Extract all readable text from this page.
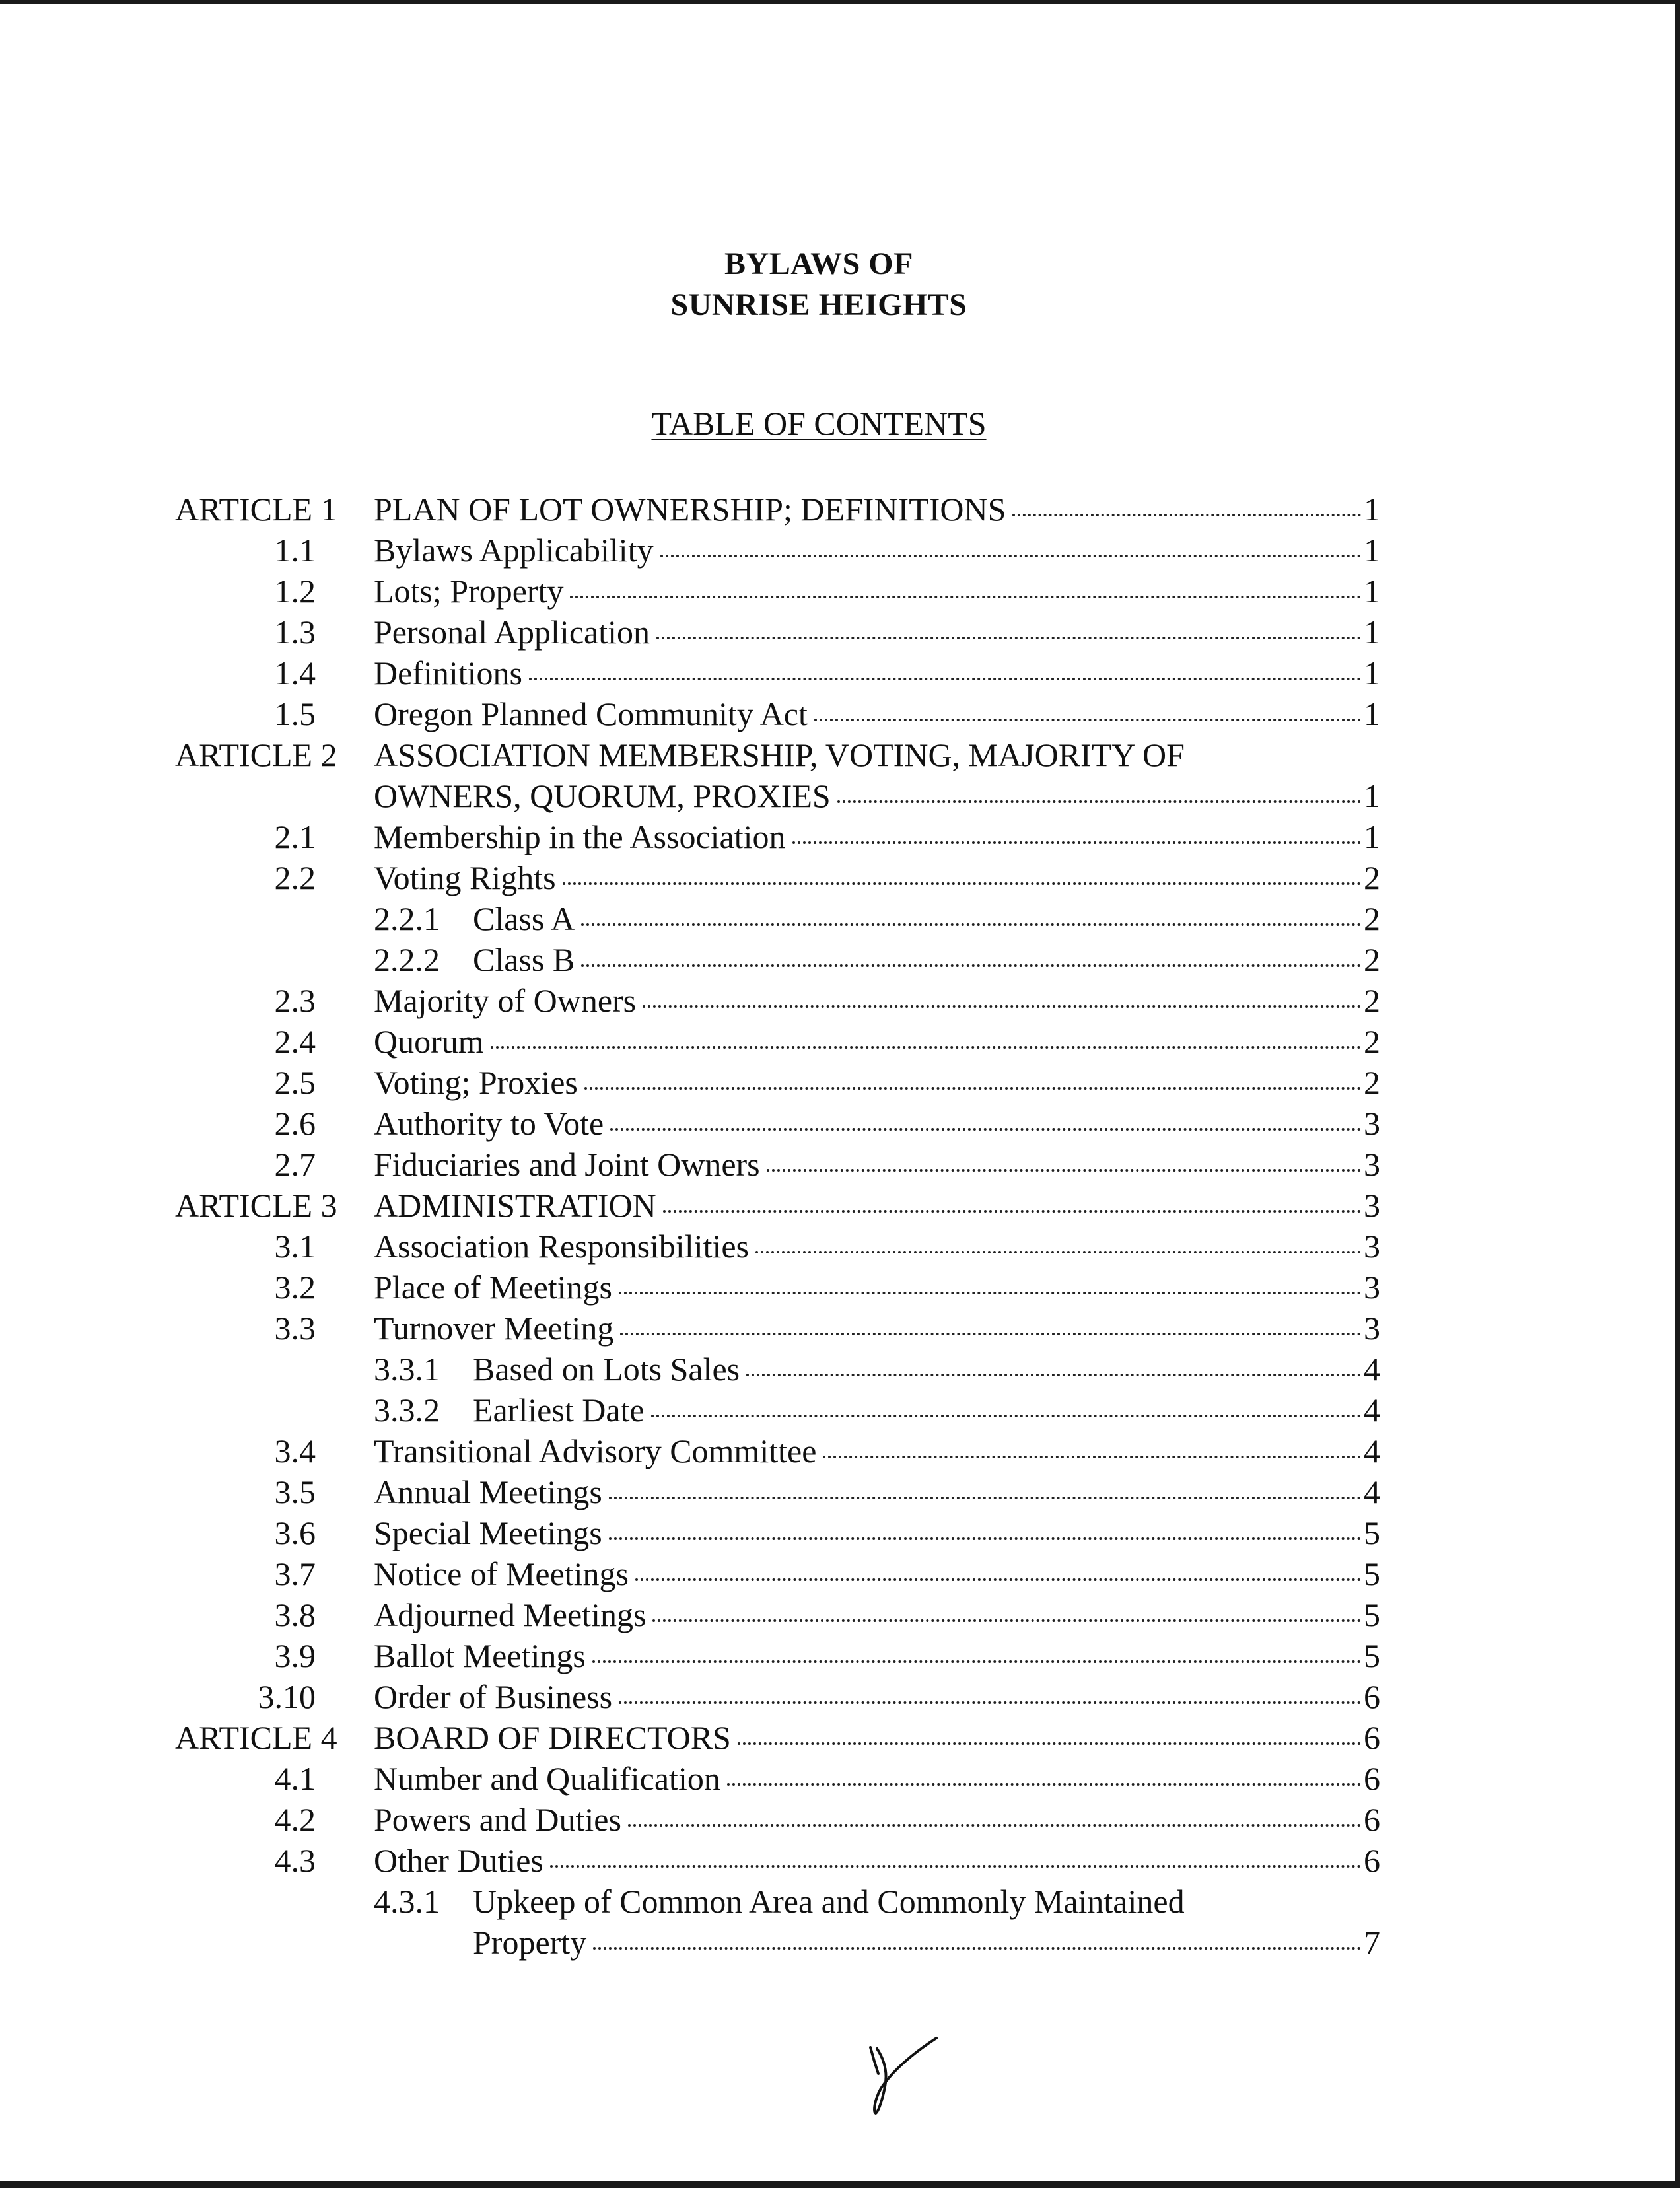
BYLAWS OF
SUNRISE HEIGHTS
TABLE OF CONTENTS
ARTICLE 1 PLAN OF LOT OWNERSHIP; DEFINITIONS	1
1.1 Bylaws Applicability	1
1.2 Lots; Property	1
1.3 Personal Application	1
1.4 Definitions	1
1.5 Oregon Planned Community Act	1
ARTICLE 2 ASSOCIATION MEMBERSHIP, VOTING, MAJORITY OF
OWNERS, QUORUM, PROXIES	1
2.1 Membership in the Association	1
2.2 Voting Rights	2
2.2.1 Class A	2
2.2.2 Class B	2
2.3 Majority of Owners	2
2.4 Quorum	2
2.5 Voting; Proxies	2
2.6 Authority to Vote	3
2.7 Fiduciaries and Joint Owners	3
ARTICLE 3 ADMINISTRATION	3
3.1 Association Responsibilities	3
3.2 Place of Meetings	3
3.3 Turnover Meeting	3
3.3.1 Based on Lots Sales	4
3.3.2 Earliest Date	4
3.4 Transitional Advisory Committee	4
3.5 Annual Meetings	4
3.6 Special Meetings	5
3.7 Notice of Meetings	5
3.8 Adjourned Meetings	5
3.9 Ballot Meetings	5
3.10 Order of Business	6
ARTICLE 4 BOARD OF DIRECTORS	6
4.1 Number and Qualification	6
4.2 Powers and Duties	6
4.3 Other Duties	6
4.3.1 Upkeep of Common Area and Commonly Maintained
Property	7
